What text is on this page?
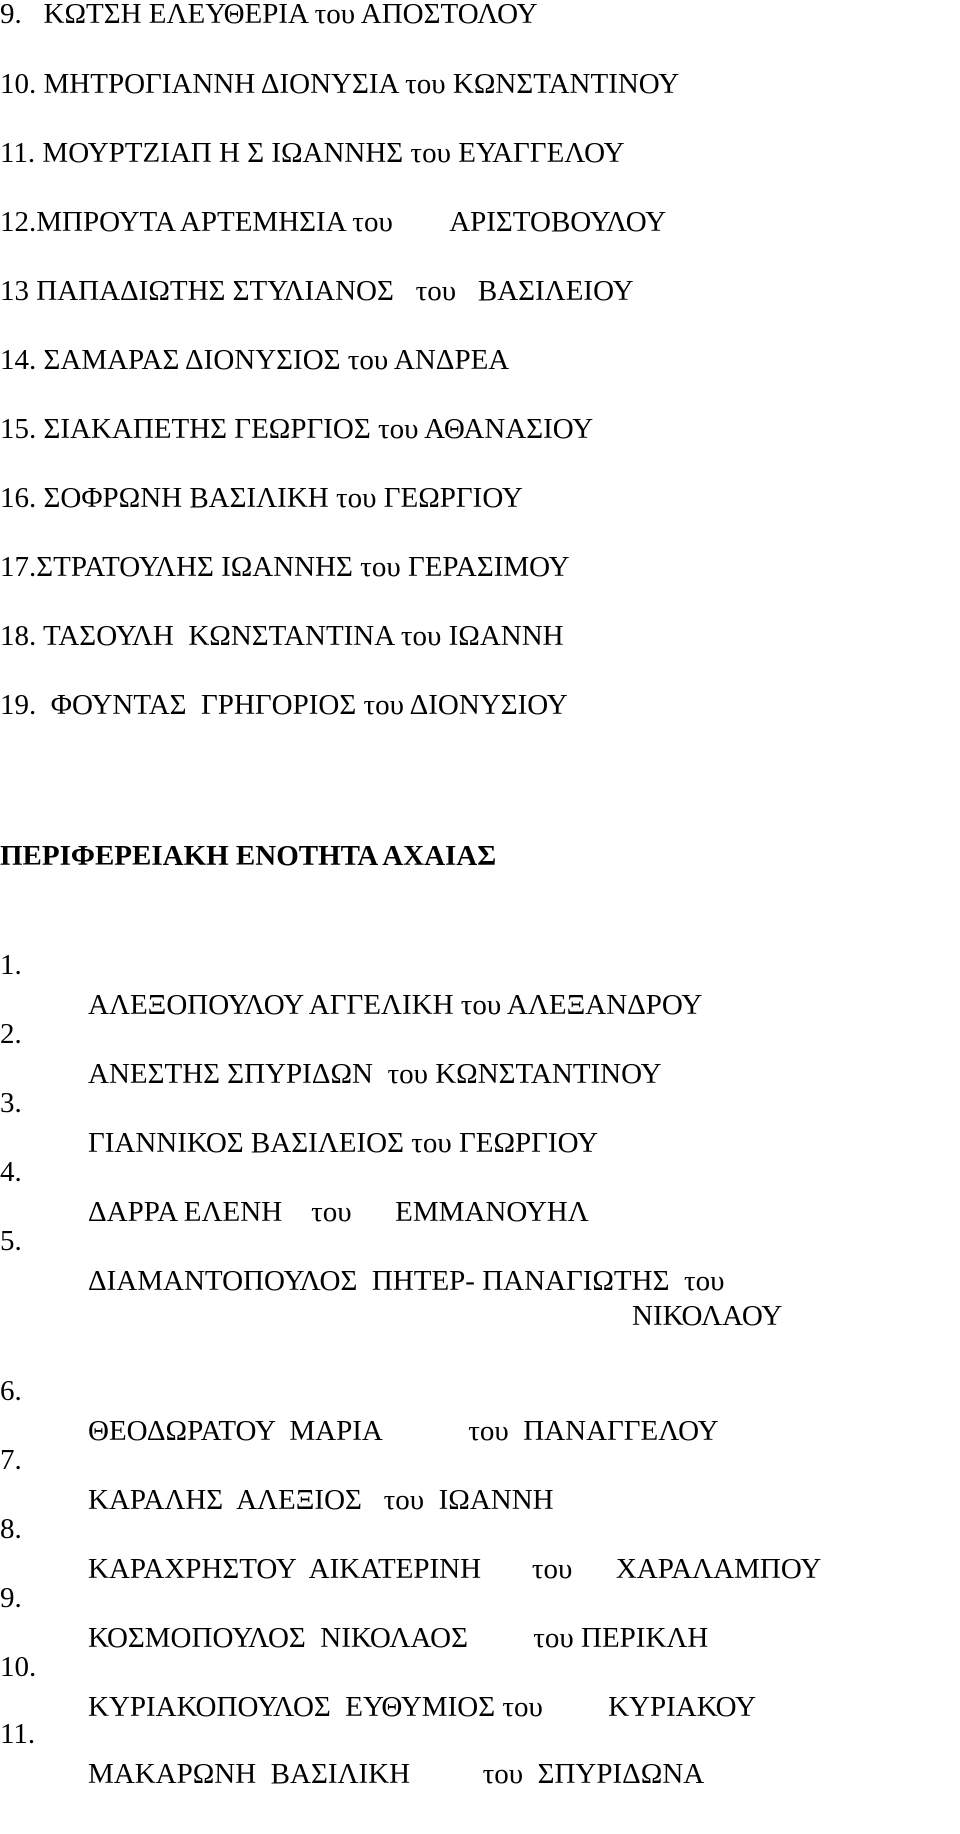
9.   ΚΩΤΣΗ ΕΛΕΥΘΕΡΙΑ του ΑΠΟΣΤΟΛΟΥ
10. ΜΗΤΡΟΓΙΑΝΝΗ ΔΙΟΝΥΣΙΑ του ΚΩΝΣΤΑΝΤΙΝΟΥ
11. ΜΟΥΡΤΖΙΑΠ Η Σ ΙΩΑΝΝΗΣ του ΕΥΑΓΓΕΛΟΥ
12.ΜΠΡΟΥΤΑ ΑΡΤΕΜΗΣΙΑ του        ΑΡΙΣΤΟΒΟΥΛΟΥ
13 ΠΑΠΑΔΙΩΤΗΣ ΣΤΥΛΙΑΝΟΣ   του   ΒΑΣΙΛΕΙΟΥ
14. ΣΑΜΑΡΑΣ ΔΙΟΝΥΣΙΟΣ του ΑΝΔΡΕΑ
15. ΣΙΑΚΑΠΕΤΗΣ ΓΕΩΡΓΙΟΣ του ΑΘΑΝΑΣΙΟΥ
16. ΣΟΦΡΩΝΗ ΒΑΣΙΛΙΚΗ του ΓΕΩΡΓΙΟΥ
17.ΣΤΡΑΤΟΥΛΗΣ ΙΩΑΝΝΗΣ του ΓΕΡΑΣΙΜΟΥ
18. ΤΑΣΟΥΛΗ  ΚΩΝΣΤΑΝΤΙΝΑ του ΙΩΑΝΝΗ
19.  ΦΟΥΝΤΑΣ  ΓΡΗΓΟΡΙΟΣ του ΔΙΟΝΥΣΙΟΥ
ΠΕΡΙΦΕΡΕΙΑΚΗ ΕΝΟΤΗΤΑ ΑΧΑΙΑΣ

1.

ΑΛΕΞΟΠΟΥΛΟΥ ΑΓΓΕΛΙΚΗ του ΑΛΕΞΑΝΔΡΟΥ

2.

ΑΝΕΣΤΗΣ ΣΠΥΡΙΔΩΝ  του ΚΩΝΣΤΑΝΤΙΝΟΥ

3.

ΓΙΑΝΝΙΚΟΣ ΒΑΣΙΛΕΙΟΣ του ΓΕΩΡΓΙΟΥ

4.

ΔΑΡΡΑ ΕΛΕΝΗ    του      ΕΜΜΑΝΟΥΗΛ

5.

ΔΙΑΜΑΝΤΟΠΟΥΛΟΣ  ΠΗΤΕΡ- ΠΑΝΑΓΙΩΤΗΣ  του

ΝΙΚΟΛΑΟΥ

6.

ΘΕΟΔΩΡΑΤΟΥ  ΜΑΡΙΑ            του  ΠΑΝΑΓΓΕΛΟΥ

7.

ΚΑΡΑΛΗΣ  ΑΛΕΞΙΟΣ   του  ΙΩΑΝΝΗ

8.

ΚΑΡΑΧΡΗΣΤΟΥ  ΑΙΚΑΤΕΡΙΝΗ       του      ΧΑΡΑΛΑΜΠΟΥ

9.

ΚΟΣΜΟΠΟΥΛΟΣ  ΝΙΚΟΛΑΟΣ         του ΠΕΡΙΚΛΗ

10.

ΚΥΡΙΑΚΟΠΟΥΛΟΣ  ΕΥΘΥΜΙΟΣ του         ΚΥΡΙΑΚΟΥ

11.

ΜΑΚΑΡΩΝΗ  ΒΑΣΙΛΙΚΗ          του  ΣΠΥΡΙΔΩΝΑ
